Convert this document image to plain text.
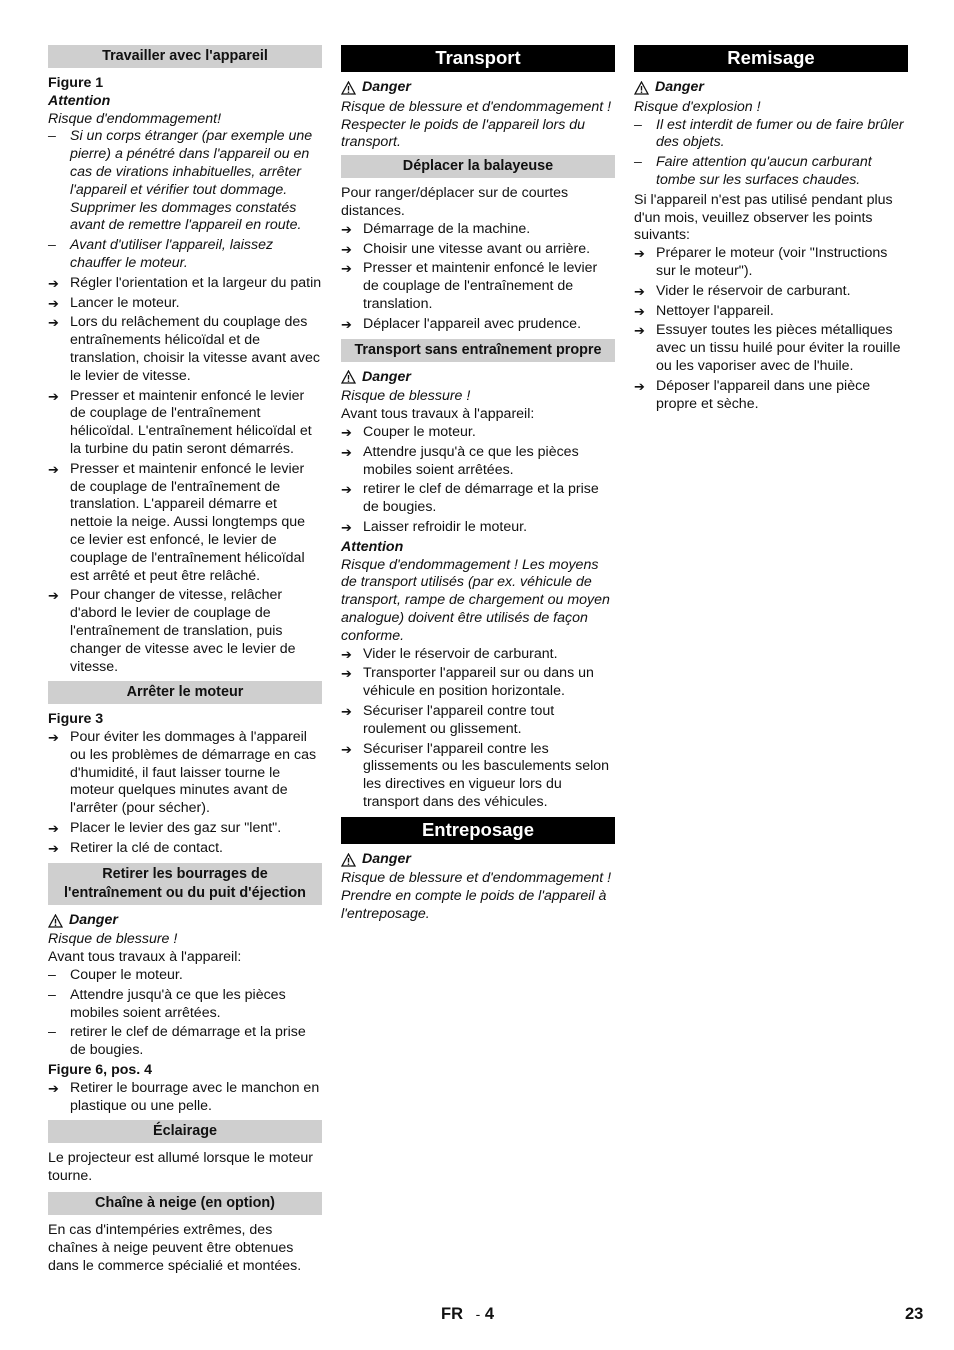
Travailler avec l'appareil

Figure 1

Attention

Risque d'endommagement!

– Si un corps étranger (par exemple une pierre) a pénétré dans l'appareil ou en cas de virations inhabituelles, arrêter l'appareil et vérifier tout dommage. Supprimer les dommages constatés avant de remettre l'appareil en route.

– Avant d'utiliser l'appareil, laissez chauffer le moteur.

➔ Régler l'orientation et la largeur du patin

➔ Lancer le moteur.

➔ Lors du relâchement du couplage des entraînements hélicoïdal et de translation, choisir la vitesse avant avec le levier de vitesse.

➔ Presser et maintenir enfoncé le levier de couplage de l'entraînement hélicoïdal. L'entraînement hélicoïdal et la turbine du patin seront démarrés.

➔ Presser et maintenir enfoncé le levier de couplage de l'entraînement de translation. L'appareil démarre et nettoie la neige. Aussi longtemps que ce levier est enfoncé, le levier de couplage de l'entraînement hélicoïdal est arrêté et peut être relâché.

➔ Pour changer de vitesse, relâcher d'abord le levier de couplage de l'entraînement de translation, puis changer de vitesse avec le levier de vitesse.

Arrêter le moteur

Figure 3

➔ Pour éviter les dommages à l'appareil ou les problèmes de démarrage en cas d'humidité, il faut laisser tourne le moteur quelques minutes avant de l'arrêter (pour sécher).

➔ Placer le levier des gaz sur "lent".

➔ Retirer la clé de contact.

Retirer les bourrages de l'entraînement ou du puit d'éjection

Danger

Risque de blessure !

Avant tous travaux à l'appareil:

– Couper le moteur.

– Attendre jusqu'à ce que les pièces mobiles soient arrêtées.

– retirer le clef de démarrage et la prise de bougies.

Figure 6, pos. 4

➔ Retirer le bourrage avec le manchon en plastique ou une pelle.

Éclairage

Le projecteur est allumé lorsque le moteur tourne.

Chaîne à neige (en option)

En cas d'intempéries extrêmes, des chaînes à neige peuvent être obtenues dans le commerce spécialié et montées.

Transport

Danger

Risque de blessure et d'endommagement ! Respecter le poids de l'appareil lors du transport.

Déplacer la balayeuse

Pour ranger/déplacer sur de courtes distances.

➔ Démarrage de la machine.

➔ Choisir une vitesse avant ou arrière.

➔ Presser et maintenir enfoncé le levier de couplage de l'entraînement de translation.

➔ Déplacer l'appareil avec prudence.

Transport sans entraînement propre

Danger

Risque de blessure !

Avant tous travaux à l'appareil:

➔ Couper le moteur.

➔ Attendre jusqu'à ce que les pièces mobiles soient arrêtées.

➔ retirer le clef de démarrage et la prise de bougies.

➔ Laisser refroidir le moteur.

Attention

Risque d'endommagement ! Les moyens de transport utilisés (par ex. véhicule de transport, rampe de chargement ou moyen analogue) doivent être utilisés de façon conforme.

➔ Vider le réservoir de carburant.

➔ Transporter l'appareil sur ou dans un véhicule en position horizontale.

➔ Sécuriser l'appareil contre tout roulement ou glissement.

➔ Sécuriser l'appareil contre les glissements ou les basculements selon les directives en vigueur lors du transport dans des véhicules.

Entreposage

Danger

Risque de blessure et d'endommagement ! Prendre en compte le poids de l'appareil à l'entreposage.

Remisage

Danger

Risque d'explosion !

– Il est interdit de fumer ou de faire brûler des objets.

– Faire attention qu'aucun carburant tombe sur les surfaces chaudes.

Si l'appareil n'est pas utilisé pendant plus d'un mois, veuillez observer les points suivants:

➔ Préparer le moteur (voir "Instructions sur le moteur").

➔ Vider le réservoir de carburant.

➔ Nettoyer l'appareil.

➔ Essuyer toutes les pièces métalliques avec un tissu huilé pour éviter la rouille ou les vaporiser avec de l'huile.

➔ Déposer l'appareil dans une pièce propre et sèche.

FR - 4	23
